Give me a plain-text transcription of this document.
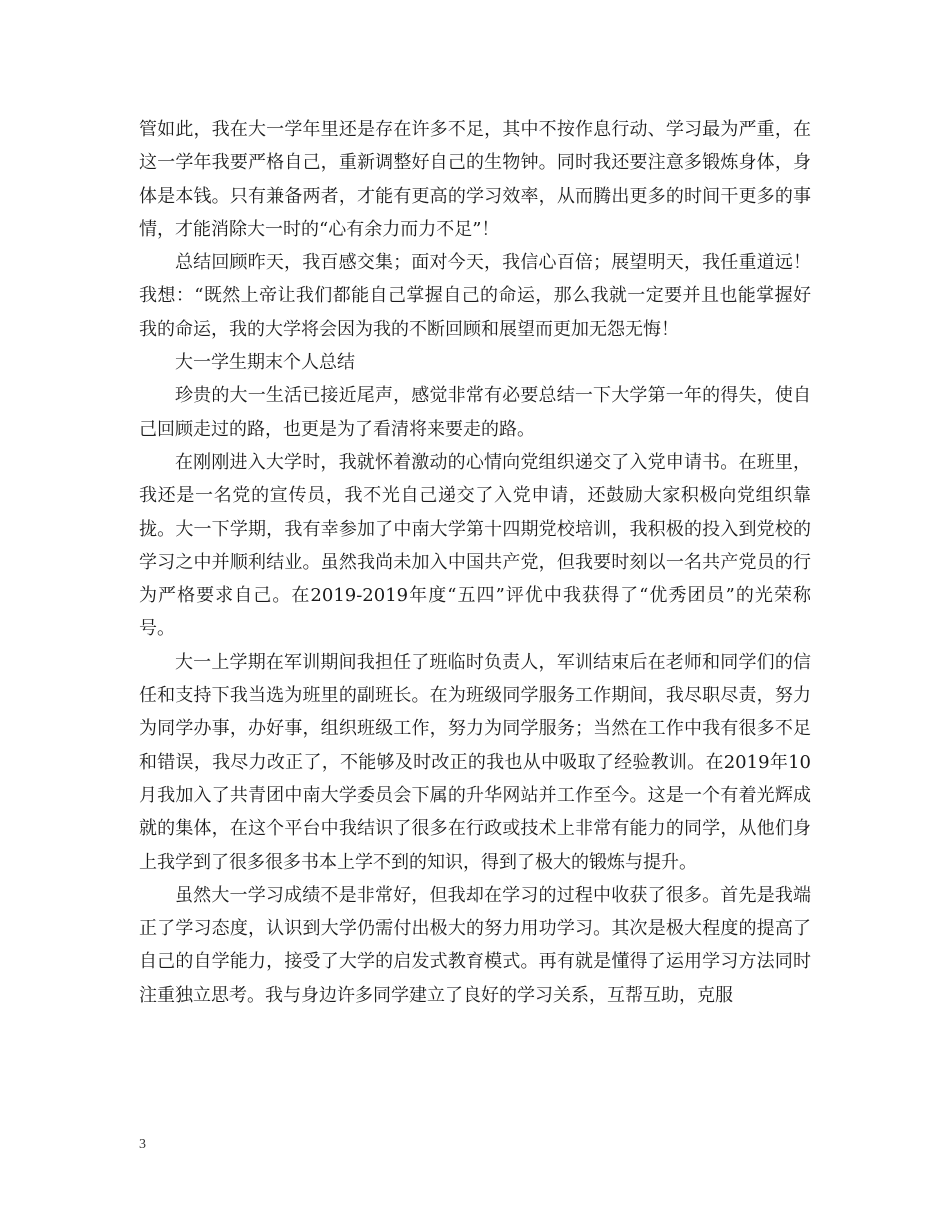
管如此，我在大一学年里还是存在许多不足，其中不按作息行动、学习最为严重，在这一学年我要严格自己，重新调整好自己的生物钟。同时我还要注意多锻炼身体，身体是本钱。只有兼备两者，才能有更高的学习效率，从而腾出更多的时间干更多的事情，才能消除大一时的“心有余力而力不足”！

总结回顾昨天，我百感交集；面对今天，我信心百倍；展望明天，我任重道远！我想：“既然上帝让我们都能自己掌握自己的命运，那么我就一定要并且也能掌握好我的命运，我的大学将会因为我的不断回顾和展望而更加无怨无悔！

大一学生期末个人总结

珍贵的大一生活已接近尾声，感觉非常有必要总结一下大学第一年的得失，使自己回顾走过的路，也更是为了看清将来要走的路。

在刚刚进入大学时，我就怀着激动的心情向党组织递交了入党申请书。在班里，我还是一名党的宣传员，我不光自己递交了入党申请，还鼓励大家积极向党组织靠拢。大一下学期，我有幸参加了中南大学第十四期党校培训，我积极的投入到党校的学习之中并顺利结业。虽然我尚未加入中国共产党，但我要时刻以一名共产党员的行为严格要求自己。在2019-2019年度“五四”评优中我获得了“优秀团员”的光荣称号。

大一上学期在军训期间我担任了班临时负责人，军训结束后在老师和同学们的信任和支持下我当选为班里的副班长。在为班级同学服务工作期间，我尽职尽责，努力为同学办事，办好事，组织班级工作，努力为同学服务；当然在工作中我有很多不足和错误，我尽力改正了，不能够及时改正的我也从中吸取了经验教训。在2019年10月我加入了共青团中南大学委员会下属的升华网站并工作至今。这是一个有着光辉成就的集体，在这个平台中我结识了很多在行政或技术上非常有能力的同学，从他们身上我学到了很多很多书本上学不到的知识，得到了极大的锻炼与提升。

虽然大一学习成绩不是非常好，但我却在学习的过程中收获了很多。首先是我端正了学习态度，认识到大学仍需付出极大的努力用功学习。其次是极大程度的提高了自己的自学能力，接受了大学的启发式教育模式。再有就是懂得了运用学习方法同时注重独立思考。我与身边许多同学建立了良好的学习关系，互帮互助，克服

3
